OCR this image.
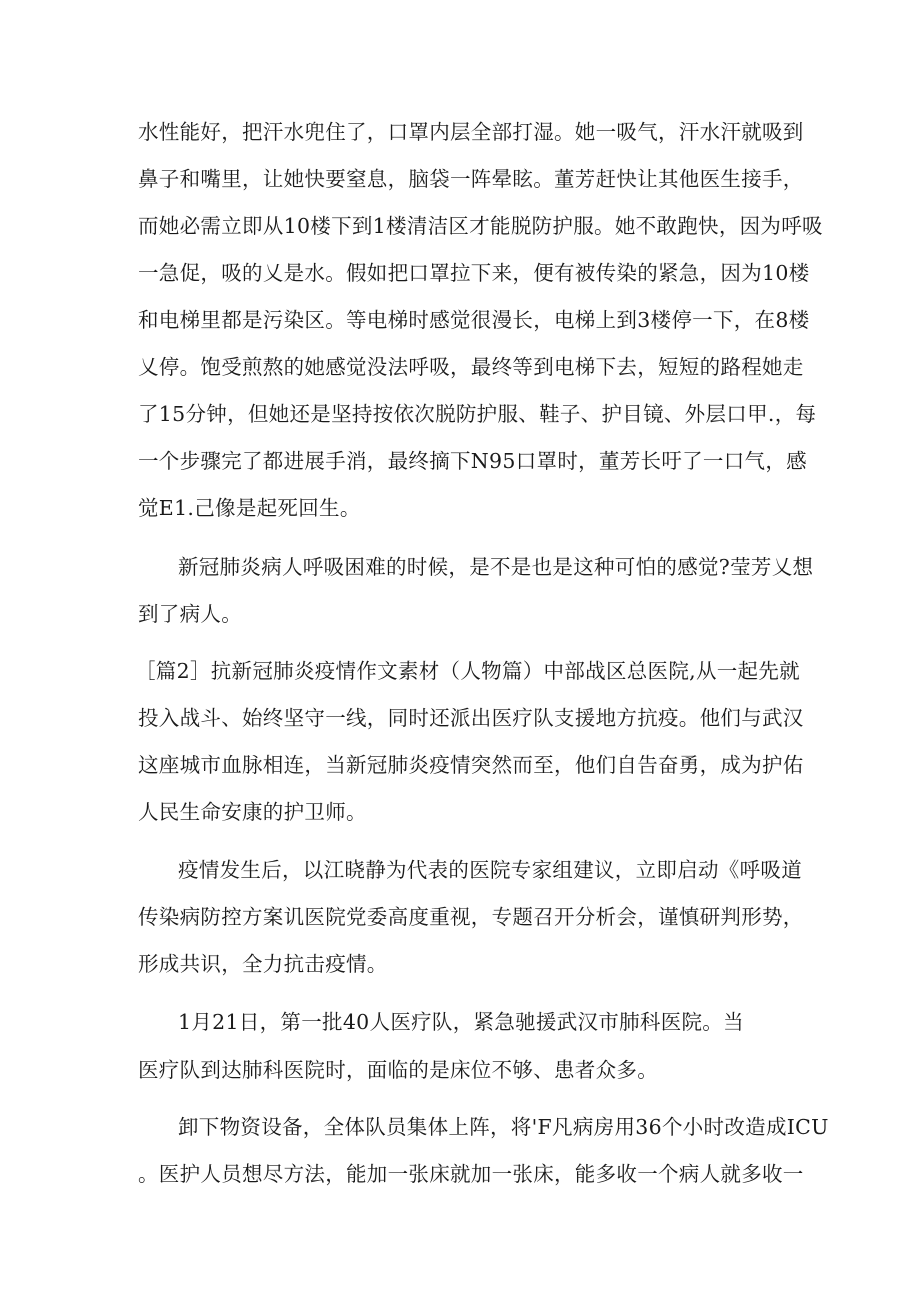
水性能好，把汗水兜住了，口罩内层全部打湿。她一吸气，汗水汗就吸到
鼻子和嘴里，让她快要窒息，脑袋一阵晕眩。董芳赶快让其他医生接手，
而她必需立即从10楼下到1楼清洁区才能脱防护服。她不敢跑快，因为呼吸
一急促，吸的乂是水。假如把口罩拉下来，便有被传染的紧急，因为10楼
和电梯里都是污染区。等电梯时感觉很漫长，电梯上到3楼停一下，在8楼
乂停。饱受煎熬的她感觉没法呼吸，最终等到电梯下去，短短的路程她走
了15分钟，但她还是坚持按依次脱防护服、鞋子、护目镜、外层口甲.，每
一个步骤完了都进展手消，最终摘下N95口罩时，董芳长吁了一口气，感
觉E1.己像是起死回生。
新冠肺炎病人呼吸困难的时候，是不是也是这种可怕的感觉?莹芳乂想
到了病人。
［篇2］抗新冠肺炎疫情作文素材（人物篇）中部战区总医院,从一起先就
投入战斗、始终坚守一线，同时还派出医疗队支援地方抗疫。他们与武汉
这座城市血脉相连，当新冠肺炎疫情突然而至，他们自告奋勇，成为护佑
人民生命安康的护卫师。
疫情发生后，以江晓静为代表的医院专家组建议，立即启动《呼吸道
传染病防控方案讥医院党委高度重视，专题召开分析会，谨慎研判形势，
形成共识，全力抗击疫情。
1月21日，第一批40人医疗队，紧急驰援武汉市肺科医院。当
医疗队到达肺科医院时，面临的是床位不够、患者众多。
卸下物资设备，全体队员集体上阵，将'F凡病房用36个小时改造成ICU
。医护人员想尽方法，能加一张床就加一张床，能多收一个病人就多收一
